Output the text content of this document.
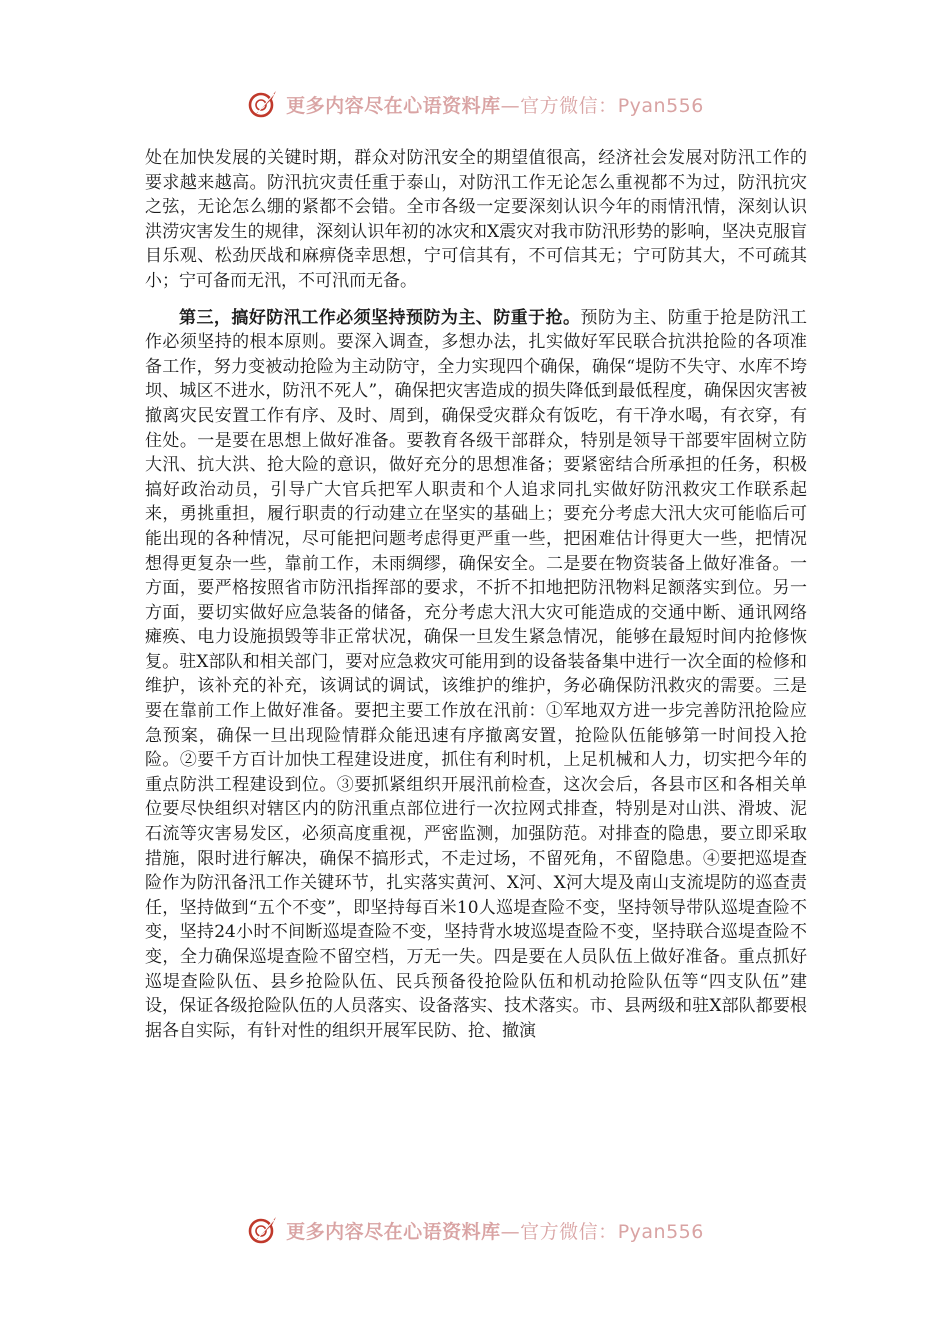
更多内容尽在心语资料库—官方微信：Pyan556

处在加快发展的关键时期，群众对防汛安全的期望值很高，经济社会发展对防汛工作的要求越来越高。防汛抗灾责任重于泰山，对防汛工作无论怎么重视都不为过，防汛抗灾之弦，无论怎么绷的紧都不会错。全市各级一定要深刻认识今年的雨情汛情，深刻认识洪涝灾害发生的规律，深刻认识年初的冰灾和X震灾对我市防汛形势的影响，坚决克服盲目乐观、松劲厌战和麻痹侥幸思想，宁可信其有，不可信其无；宁可防其大，不可疏其小；宁可备而无汛，不可汛而无备。

第三，搞好防汛工作必须坚持预防为主、防重于抢。预防为主、防重于抢是防汛工作必须坚持的根本原则。要深入调查，多想办法，扎实做好军民联合抗洪抢险的各项准备工作，努力变被动抢险为主动防守，全力实现四个确保，确保“堤防不失守、水库不垮坝、城区不进水，防汛不死人”，确保把灾害造成的损失降低到最低程度，确保因灾害被撤离灾民安置工作有序、及时、周到，确保受灾群众有饭吃，有干净水喝，有衣穿，有住处。一是要在思想上做好准备。要教育各级干部群众，特别是领导干部要牢固树立防大汛、抗大洪、抢大险的意识，做好充分的思想准备；要紧密结合所承担的任务，积极搞好政治动员，引导广大官兵把军人职责和个人追求同扎实做好防汛救灾工作联系起来，勇挑重担，履行职责的行动建立在坚实的基础上；要充分考虑大汛大灾可能临后可能出现的各种情况，尽可能把问题考虑得更严重一些，把困难估计得更大一些，把情况想得更复杂一些，靠前工作，未雨绸缪，确保安全。二是要在物资装备上做好准备。一方面，要严格按照省市防汛指挥部的要求，不折不扣地把防汛物料足额落实到位。另一方面，要切实做好应急装备的储备，充分考虑大汛大灾可能造成的交通中断、通讯网络瘫痪、电力设施损毁等非正常状况，确保一旦发生紧急情况，能够在最短时间内抢修恢复。驻X部队和相关部门，要对应急救灾可能用到的设备装备集中进行一次全面的检修和维护，该补充的补充，该调试的调试，该维护的维护，务必确保防汛救灾的需要。三是要在靠前工作上做好准备。要把主要工作放在汛前：①军地双方进一步完善防汛抢险应急预案，确保一旦出现险情群众能迅速有序撤离安置，抢险队伍能够第一时间投入抢险。②要千方百计加快工程建设进度，抓住有利时机，上足机械和人力，切实把今年的重点防洪工程建设到位。③要抓紧组织开展汛前检查，这次会后，各县市区和各相关单位要尽快组织对辖区内的防汛重点部位进行一次拉网式排查，特别是对山洪、滑坡、泥石流等灾害易发区，必须高度重视，严密监测，加强防范。对排查的隐患，要立即采取措施，限时进行解决，确保不搞形式，不走过场，不留死角，不留隐患。④要把巡堤查险作为防汛备汛工作关键环节，扎实落实黄河、X河、X河大堤及南山支流堤防的巡查责任，坚持做到“五个不变”，即坚持每百米10人巡堤查险不变，坚持领导带队巡堤查险不变，坚持24小时不间断巡堤查险不变，坚持背水坡巡堤查险不变，坚持联合巡堤查险不变，全力确保巡堤查险不留空档，万无一失。四是要在人员队伍上做好准备。重点抓好巡堤查险队伍、县乡抢险队伍、民兵预备役抢险队伍和机动抢险队伍等“四支队伍”建设，保证各级抢险队伍的人员落实、设备落实、技术落实。市、县两级和驻X部队都要根据各自实际，有针对性的组织开展军民防、抢、撤演

更多内容尽在心语资料库—官方微信：Pyan556
